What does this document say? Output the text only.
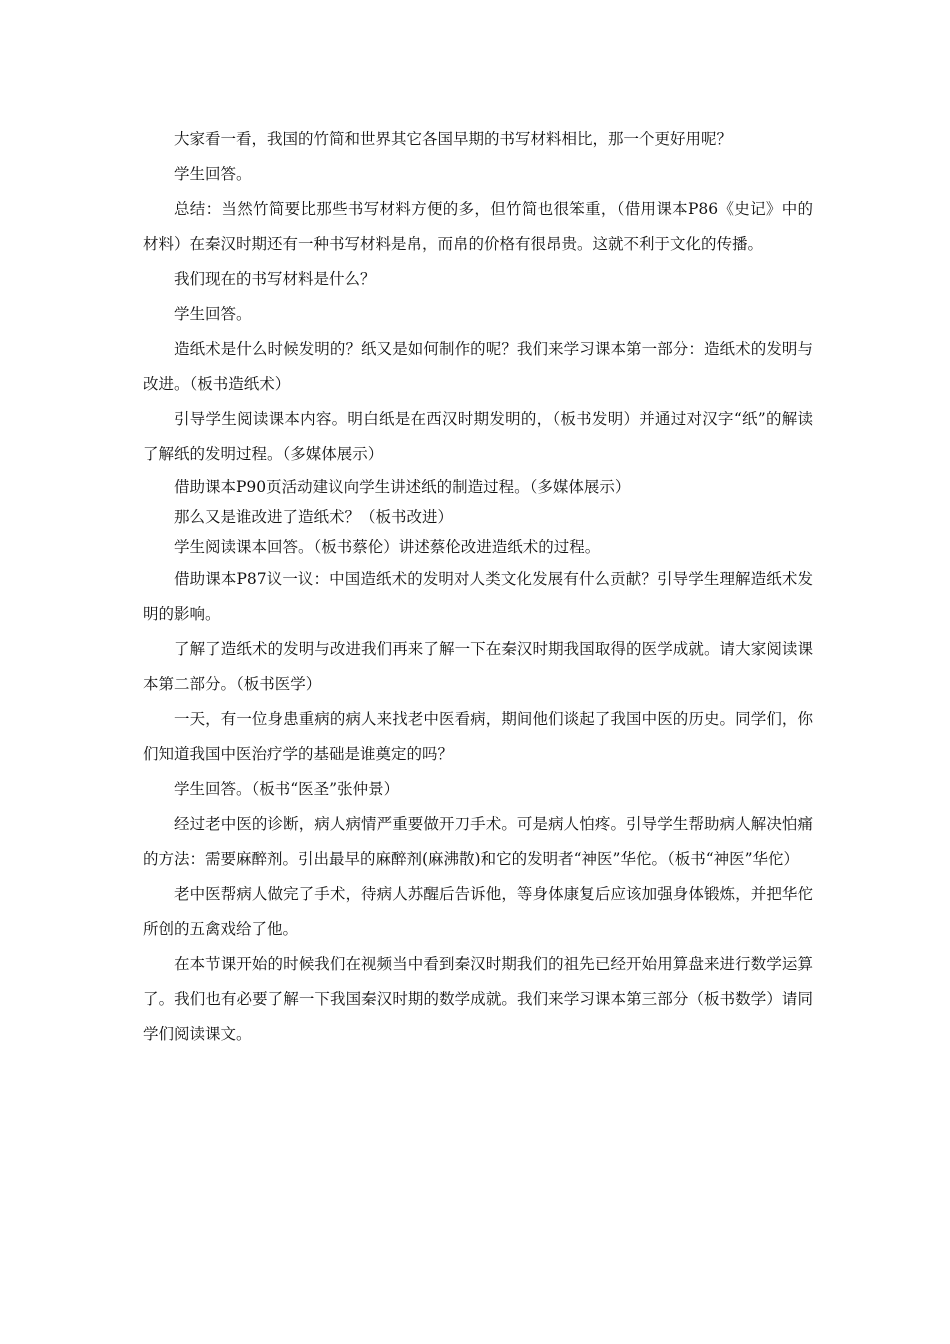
大家看一看，我国的竹简和世界其它各国早期的书写材料相比，那一个更好用呢？

学生回答。

总结：当然竹简要比那些书写材料方便的多，但竹简也很笨重，（借用课本P86《史记》中的材料）在秦汉时期还有一种书写材料是帛，而帛的价格有很昂贵。这就不利于文化的传播。

我们现在的书写材料是什么？

学生回答。

造纸术是什么时候发明的？纸又是如何制作的呢？我们来学习课本第一部分：造纸术的发明与改进。（板书造纸术）

引导学生阅读课本内容。明白纸是在西汉时期发明的，（板书发明）并通过对汉字“纸”的解读了解纸的发明过程。（多媒体展示）

借助课本P90页活动建议向学生讲述纸的制造过程。（多媒体展示）

那么又是谁改进了造纸术？（板书改进）

学生阅读课本回答。（板书蔡伦）讲述蔡伦改进造纸术的过程。

借助课本P87议一议：中国造纸术的发明对人类文化发展有什么贡献？引导学生理解造纸术发明的影响。

了解了造纸术的发明与改进我们再来了解一下在秦汉时期我国取得的医学成就。请大家阅读课本第二部分。（板书医学）

一天，有一位身患重病的病人来找老中医看病，期间他们谈起了我国中医的历史。同学们，你们知道我国中医治疗学的基础是谁奠定的吗？

学生回答。（板书“医圣”张仲景）

经过老中医的诊断，病人病情严重要做开刀手术。可是病人怕疼。引导学生帮助病人解决怕痛的方法：需要麻醉剂。引出最早的麻醉剂(麻沸散)和它的发明者“神医”华佗。（板书“神医”华佗）

老中医帮病人做完了手术，待病人苏醒后告诉他，等身体康复后应该加强身体锻炼，并把华佗所创的五禽戏给了他。

在本节课开始的时候我们在视频当中看到秦汉时期我们的祖先已经开始用算盘来进行数学运算了。我们也有必要了解一下我国秦汉时期的数学成就。我们来学习课本第三部分（板书数学）请同学们阅读课文。
